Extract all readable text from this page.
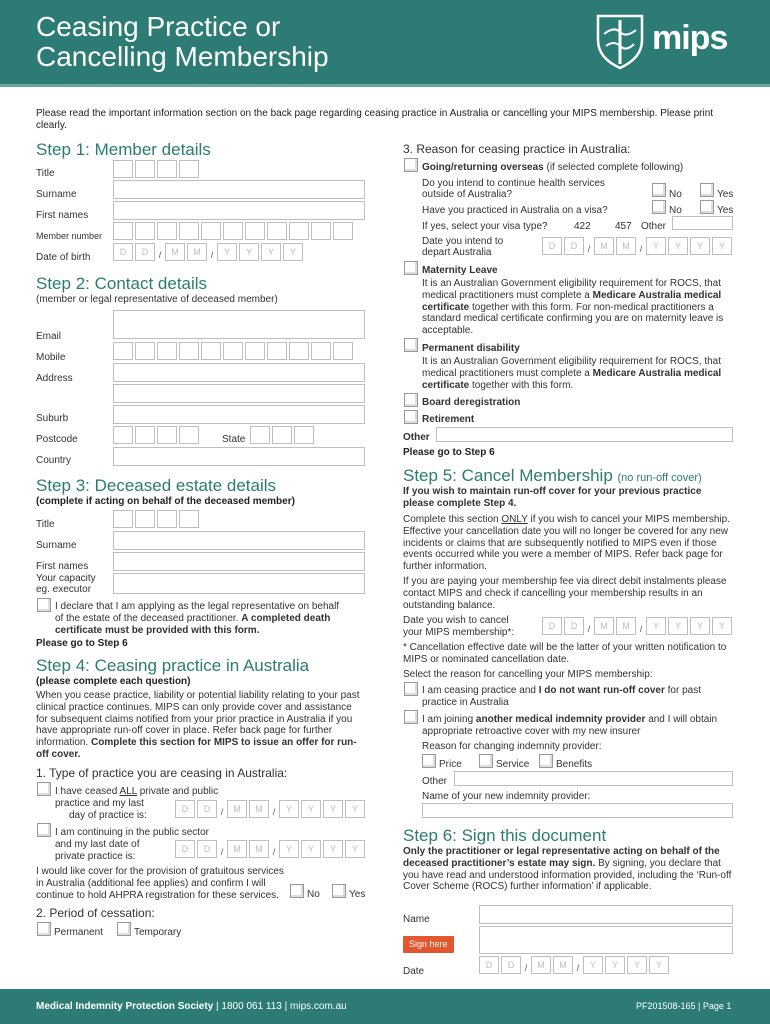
Ceasing Practice or
Cancelling Membership	mips
Please read the important information section on the back page regarding ceasing practice in Australia or cancelling your MIPS membership. Please print clearly.
Step 1: Member details
Title
Surname
First names
Member number
Date of birth	D	D	/	M	M	/	Y	Y	Y	Y
Step 2: Contact details
(member or legal representative of deceased member)
Email
Mobile
Address
Suburb
Postcode	State
Country
Step 3: Deceased estate details
(complete if acting on behalf of the deceased member)
Title
Surname
First names
Your capacity
eg. executor
I declare that I am applying as the legal representative on behalf
of the estate of the deceased practitioner. A completed death
certificate must be provided with this form.
Please go to Step 6
Step 4: Ceasing practice in Australia
(please complete each question)
When you cease practice, liability or potential liability relating to your past clinical practice continues. MIPS can only provide cover and assistance for subsequent claims notified from your prior practice in Australia if you have appropriate run-off cover in place. Refer back page for further information. Complete this section for MIPS to issue an offer for run-off cover.
1. Type of practice you are ceasing in Australia:
I have ceased ALL private and public
practice and my last
day of practice is:
D	D	/	M	M	/	Y	Y	Y	Y
I am continuing in the public sector
and my last date of
private practice is:
D	D	/	M	M	/	Y	Y	Y	Y
I would like cover for the provision of gratuitous services in Australia (additional fee applies) and confirm I will continue to hold AHPRA registration for these services.	No	Yes
2. Period of cessation:
Permanent	Temporary
3. Reason for ceasing practice in Australia:
Going/returning overseas (if selected complete following)
Do you intend to continue health services
outside of Australia?	No	Yes
Have you practiced in Australia on a visa?	No	Yes
If yes, select your visa type?	422 457 Other
Date you intend to
depart Australia
D	D	/	M	M	/	Y	Y	Y	Y
Maternity Leave
It is an Australian Government eligibility requirement for ROCS, that medical practitioners must complete a Medicare Australia medical certificate together with this form. For non-medical practitioners a standard medical certificate confirming you are on maternity leave is acceptable.
Permanent disability
It is an Australian Government eligibility requirement for ROCS, that medical practitioners must complete a Medicare Australia medical certificate together with this form.
Board deregistration
Retirement
Other
Please go to Step 6
Step 5: Cancel Membership (no run-off cover)
If you wish to maintain run-off cover for your previous practice please complete Step 4.
Complete this section ONLY if you wish to cancel your MIPS membership. Effective your cancellation date you will no longer be covered for any new incidents or claims that are subsequently notified to MIPS even if those events occurred while you were a member of MIPS. Refer back page for further information.
If you are paying your membership fee via direct debit instalments please contact MIPS and check if cancelling your membership results in an outstanding balance.
Date you wish to cancel
your MIPS membership*:
D	D	/	M	M	/	Y	Y	Y	Y
* Cancellation effective date will be the latter of your written notification to MIPS or nominated cancellation date.
Select the reason for cancelling your MIPS membership:
I am ceasing practice and I do not want run-off cover for past practice in Australia
I am joining another medical indemnity provider and I will obtain appropriate retroactive cover with my new insurer
Reason for changing indemnity provider:
Price	Service	Benefits
Other
Name of your new indemnity provider:
Step 6: Sign this document
Only the practitioner or legal representative acting on behalf of the deceased practitioner’s estate may sign. By signing, you declare that you have read and understood information provided, including the ‘Run-off Cover Scheme (ROCS) further information’ if applicable.
Name
Sign here
Date
D	D	/	M	M	/	Y	Y	Y	Y
Medical Indemnity Protection Society | 1800 061 113 | mips.com.au	PF201508-165 | Page 1
